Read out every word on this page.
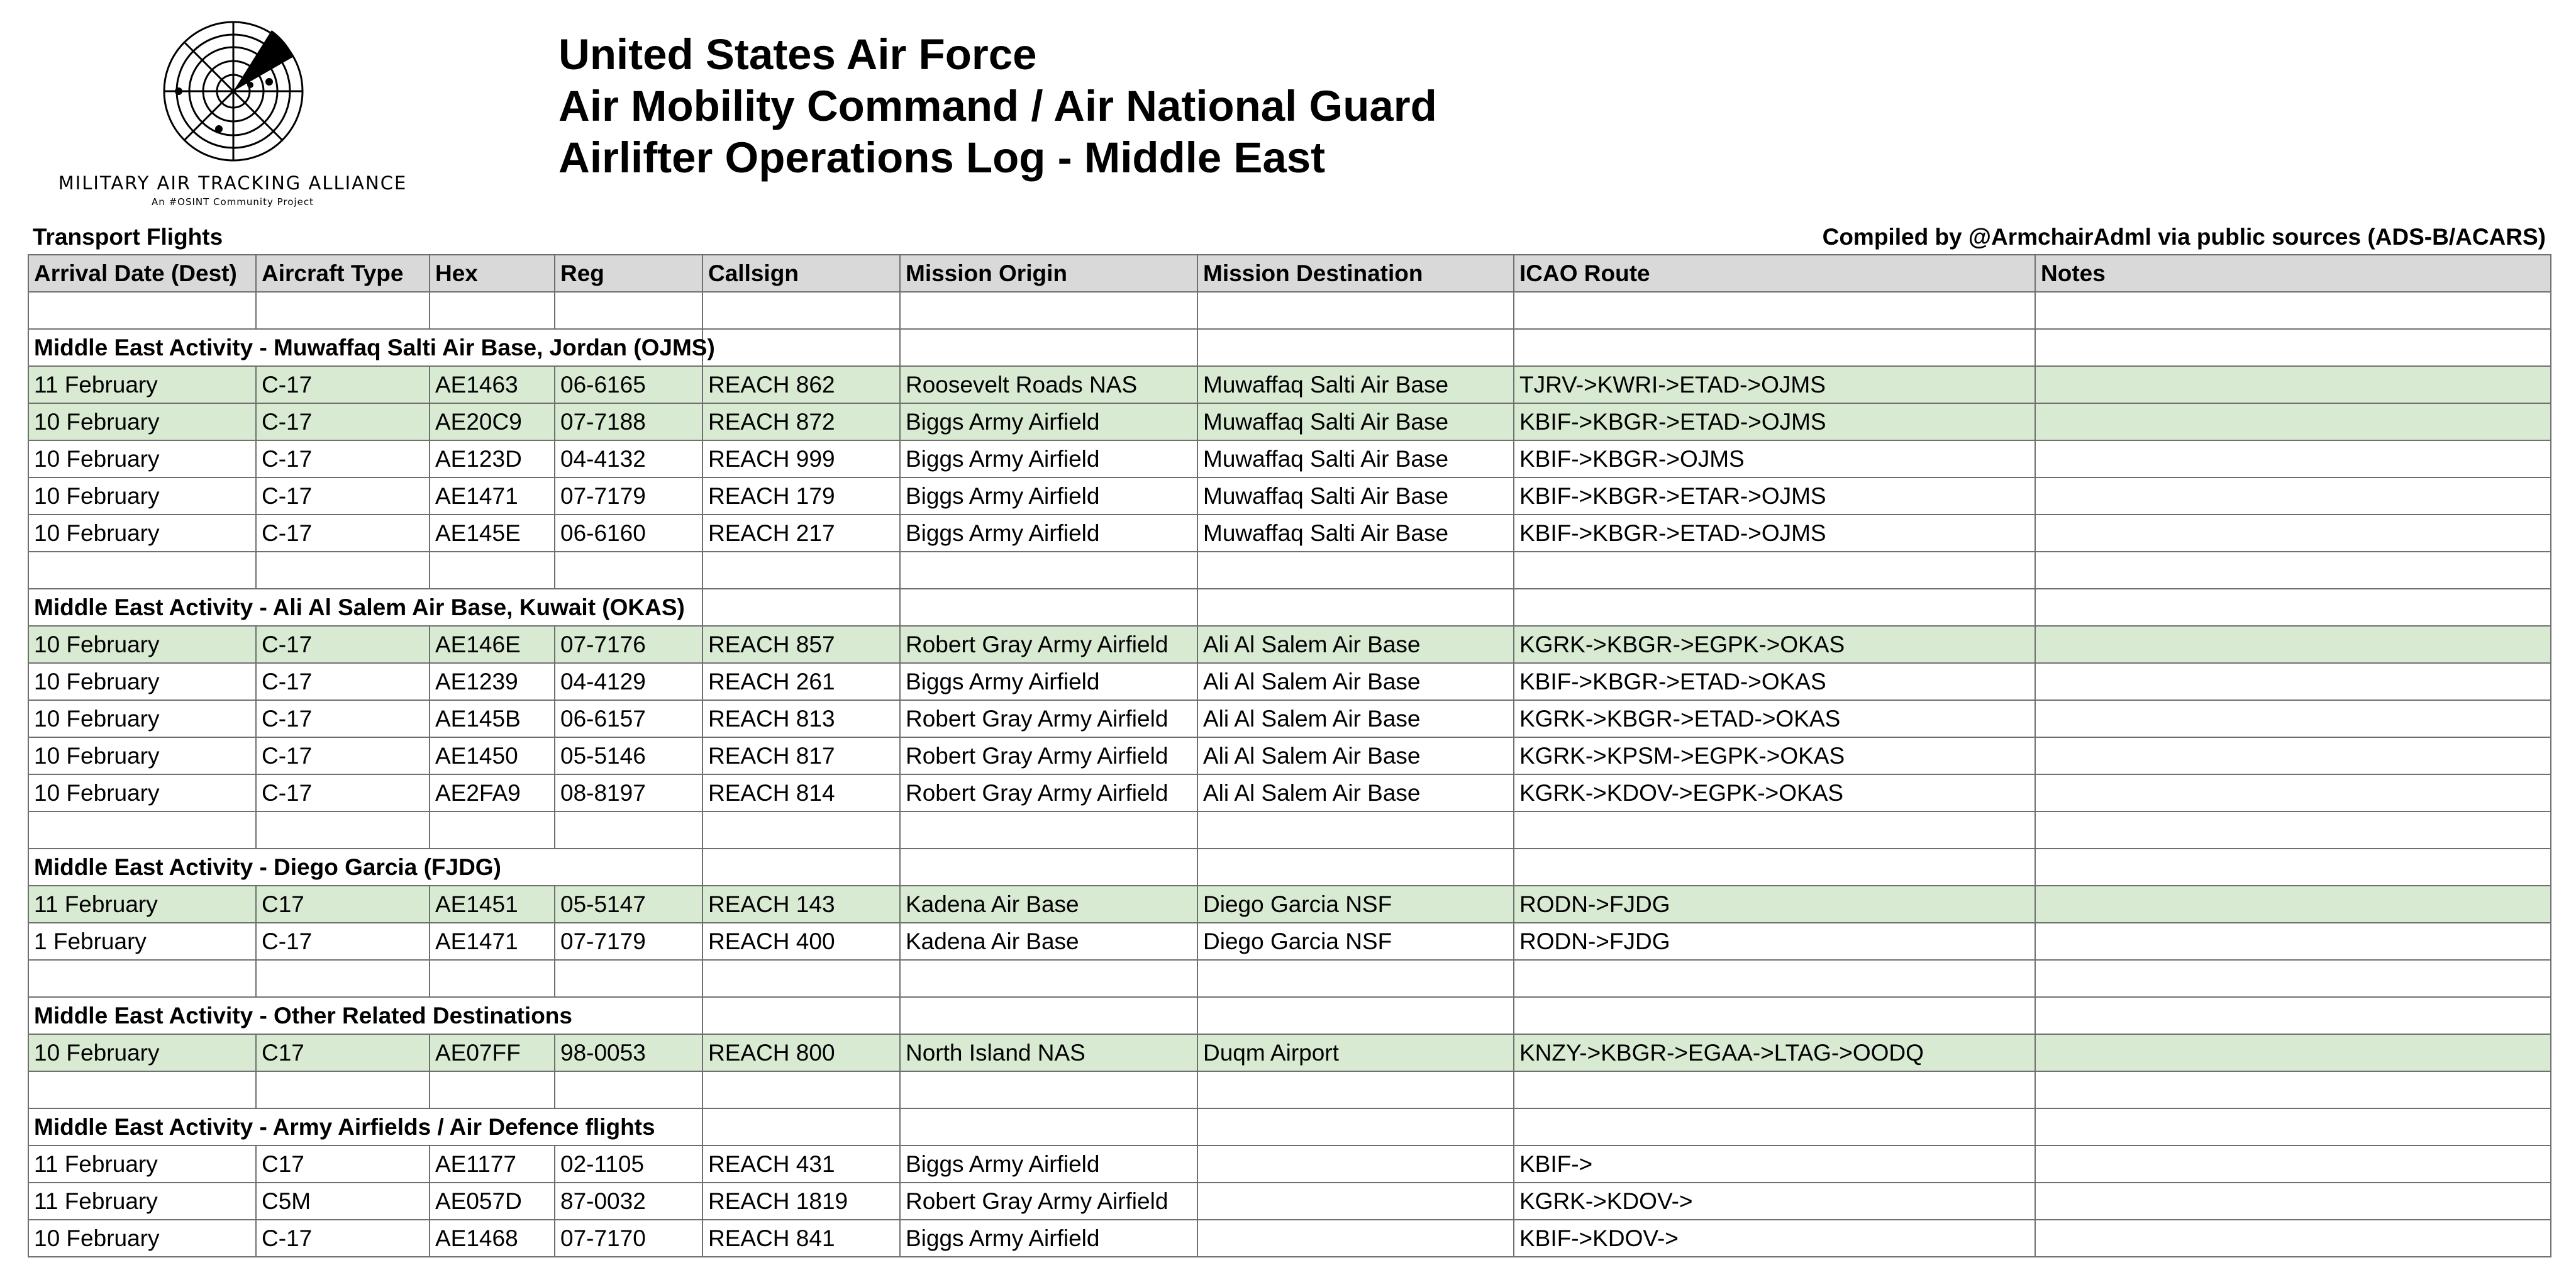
MILITARY AIR TRACKING ALLIANCE
An #OSINT Community Project
United States Air Force
Air Mobility Command / Air National Guard
Airlifter Operations Log - Middle East
Transport Flights	Compiled by @ArmchairAdml via public sources (ADS-B/ACARS)
Arrival Date (Dest)	Aircraft Type	Hex	Reg	Callsign	Mission Origin	Mission Destination	ICAO Route	Notes

Middle East Activity - Muwaffaq Salti Air Base, Jordan (OJMS)								
11 February	C-17	AE1463	06-6165	REACH 862	Roosevelt Roads NAS	Muwaffaq Salti Air Base	TJRV->KWRI->ETAD->OJMS	
10 February	C-17	AE20C9	07-7188	REACH 872	Biggs Army Airfield	Muwaffaq Salti Air Base	KBIF->KBGR->ETAD->OJMS	
10 February	C-17	AE123D	04-4132	REACH 999	Biggs Army Airfield	Muwaffaq Salti Air Base	KBIF->KBGR->OJMS	
10 February	C-17	AE1471	07-7179	REACH 179	Biggs Army Airfield	Muwaffaq Salti Air Base	KBIF->KBGR->ETAR->OJMS	
10 February	C-17	AE145E	06-6160	REACH 217	Biggs Army Airfield	Muwaffaq Salti Air Base	KBIF->KBGR->ETAD->OJMS	

Middle East Activity - Ali Al Salem Air Base, Kuwait (OKAS)								
10 February	C-17	AE146E	07-7176	REACH 857	Robert Gray Army Airfield	Ali Al Salem Air Base	KGRK->KBGR->EGPK->OKAS	
10 February	C-17	AE1239	04-4129	REACH 261	Biggs Army Airfield	Ali Al Salem Air Base	KBIF->KBGR->ETAD->OKAS	
10 February	C-17	AE145B	06-6157	REACH 813	Robert Gray Army Airfield	Ali Al Salem Air Base	KGRK->KBGR->ETAD->OKAS	
10 February	C-17	AE1450	05-5146	REACH 817	Robert Gray Army Airfield	Ali Al Salem Air Base	KGRK->KPSM->EGPK->OKAS	
10 February	C-17	AE2FA9	08-8197	REACH 814	Robert Gray Army Airfield	Ali Al Salem Air Base	KGRK->KDOV->EGPK->OKAS	

Middle East Activity - Diego Garcia (FJDG)								
11 February	C17	AE1451	05-5147	REACH 143	Kadena Air Base	Diego Garcia NSF	RODN->FJDG	
1 February	C-17	AE1471	07-7179	REACH 400	Kadena Air Base	Diego Garcia NSF	RODN->FJDG	

Middle East Activity - Other Related Destinations								
10 February	C17	AE07FF	98-0053	REACH 800	North Island NAS	Duqm Airport	KNZY->KBGR->EGAA->LTAG->OODQ	

Middle East Activity - Army Airfields / Air Defence flights								
11 February	C17	AE1177	02-1105	REACH 431	Biggs Army Airfield		KBIF->	
11 February	C5M	AE057D	87-0032	REACH 1819	Robert Gray Army Airfield		KGRK->KDOV->	
10 February	C-17	AE1468	07-7170	REACH 841	Biggs Army Airfield		KBIF->KDOV->	
